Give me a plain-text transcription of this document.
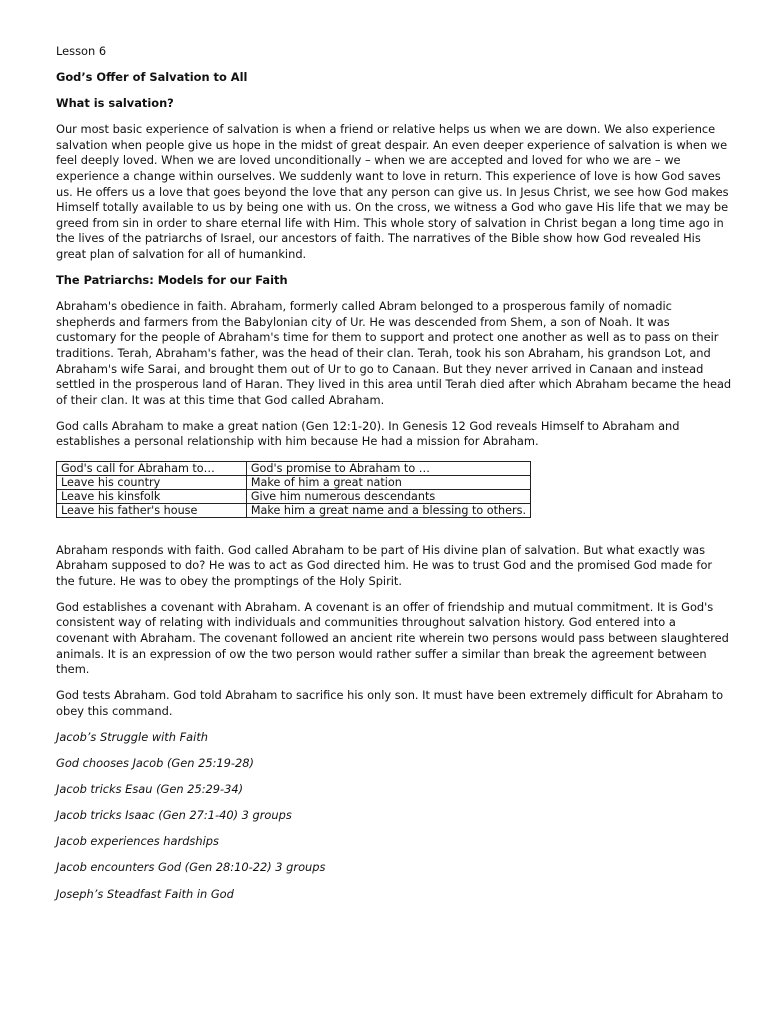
Lesson 6

God’s Offer of Salvation to All

What is salvation?

Our most basic experience of salvation is when a friend or relative helps us when we are down. We also experience salvation when people give us hope in the midst of great despair. An even deeper experience of salvation is when we feel deeply loved. When we are loved unconditionally – when we are accepted and loved for who we are – we experience a change within ourselves. We suddenly want to love in return. This experience of love is how God saves us. He offers us a love that goes beyond the love that any person can give us. In Jesus Christ, we see how God makes Himself totally available to us by being one with us. On the cross, we witness a God who gave His life that we may be greed from sin in order to share eternal life with Him. This whole story of salvation in Christ began a long time ago in the lives of the patriarchs of Israel, our ancestors of faith. The narratives of the Bible show how God revealed His great plan of salvation for all of humankind.

The Patriarchs: Models for our Faith

Abraham's obedience in faith. Abraham, formerly called Abram belonged to a prosperous family of nomadic shepherds and farmers from the Babylonian city of Ur. He was descended from Shem, a son of Noah. It was customary for the people of Abraham's time for them to support and protect one another as well as to pass on their traditions. Terah, Abraham's father, was the head of their clan. Terah, took his son Abraham, his grandson Lot, and Abraham's wife Sarai, and brought them out of Ur to go to Canaan. But they never arrived in Canaan and instead settled in the prosperous land of Haran. They lived in this area until Terah died after which Abraham became the head of their clan. It was at this time that God called Abraham.

God calls Abraham to make a great nation (Gen 12:1-20). In Genesis 12 God reveals Himself to Abraham and establishes a personal relationship with him because He had a mission for Abraham.

God's call for Abraham to…	God's promise to Abraham to …
Leave his country	Make of him a great nation
Leave his kinsfolk	Give him numerous descendants
Leave his father's house	Make him a great name and a blessing to others.

Abraham responds with faith. God called Abraham to be part of His divine plan of salvation. But what exactly was Abraham supposed to do? He was to act as God directed him. He was to trust God and the promised God made for the future. He was to obey the promptings of the Holy Spirit.

God establishes a covenant with Abraham. A covenant is an offer of friendship and mutual commitment. It is God's consistent way of relating with individuals and communities throughout salvation history. God entered into a covenant with Abraham. The covenant followed an ancient rite wherein two persons would pass between slaughtered animals. It is an expression of ow the two person would rather suffer a similar than break the agreement between them.

God tests Abraham. God told Abraham to sacrifice his only son. It must have been extremely difficult for Abraham to obey this command.

Jacob’s Struggle with Faith

God chooses Jacob (Gen 25:19-28)

Jacob tricks Esau (Gen 25:29-34)

Jacob tricks Isaac (Gen 27:1-40) 3 groups

Jacob experiences hardships

Jacob encounters God (Gen 28:10-22) 3 groups

Joseph’s Steadfast Faith in God
